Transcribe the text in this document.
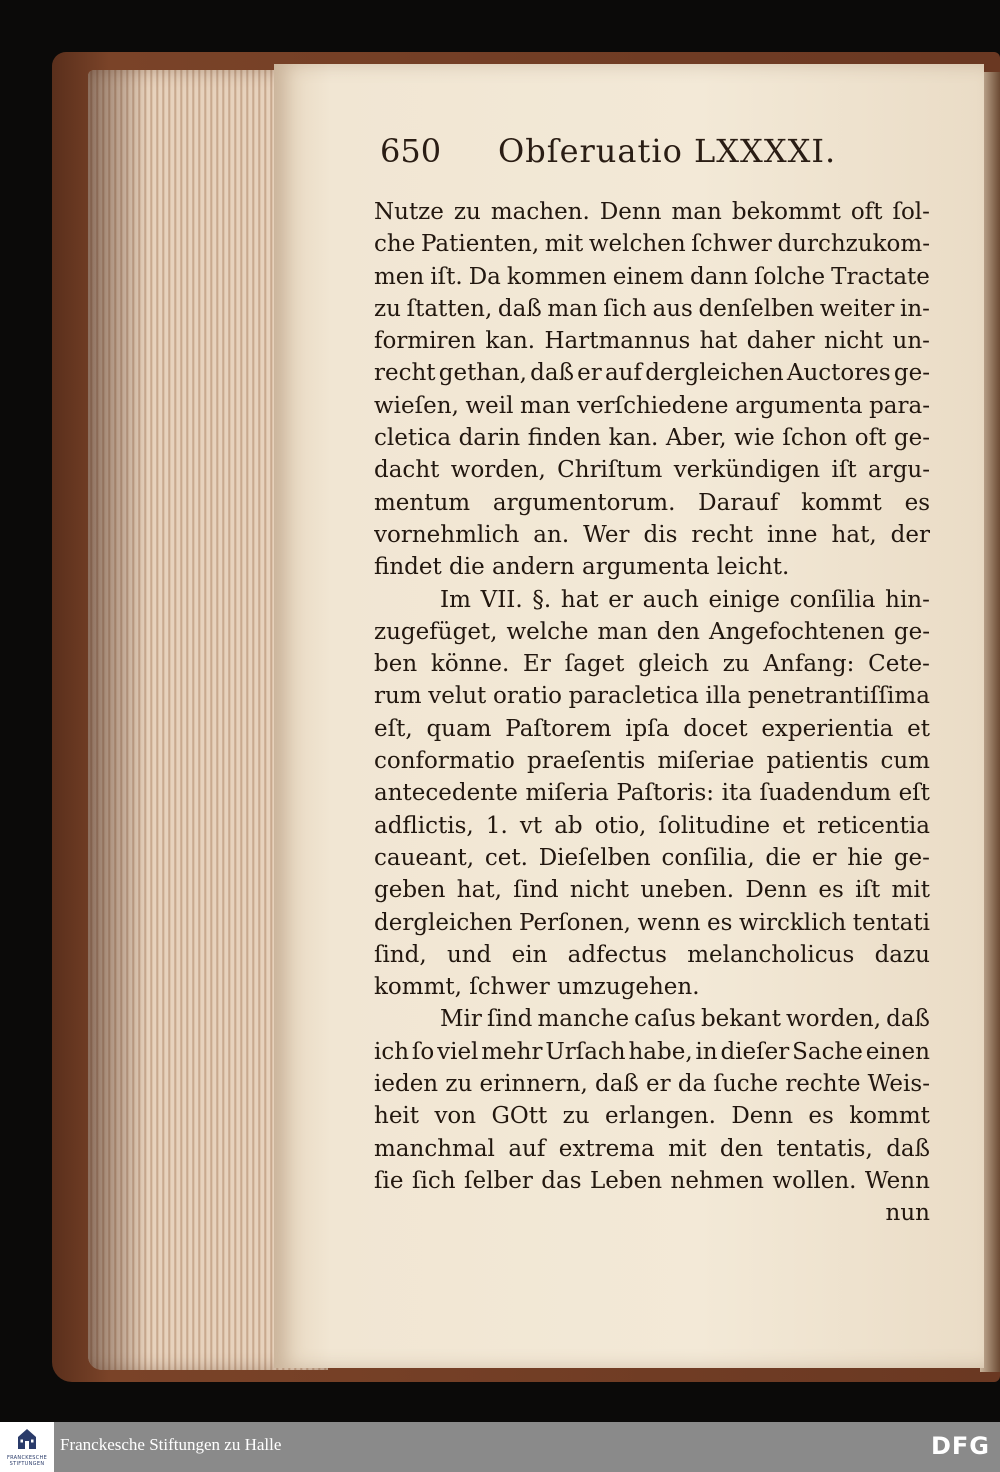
650 Obſeruatio LXXXXI.
Nutze zu machen. Denn man bekommt oft ſol-
che Patienten, mit welchen ſchwer durchzukom-
men iſt. Da kommen einem dann ſolche Tractate
zu ſtatten, daß man ſich aus denſelben weiter in-
formiren kan. Hartmannus hat daher nicht un-
recht gethan, daß er auf dergleichen Auctores ge-
wieſen, weil man verſchiedene argumenta para-
cletica darin finden kan. Aber, wie ſchon oft ge-
dacht worden, Chriſtum verkündigen iſt argu-
mentum argumentorum. Darauf kommt es
vornehmlich an. Wer dis recht inne hat, der
findet die andern argumenta leicht.
Im VII. §. hat er auch einige conſilia hin-
zugefüget, welche man den Angefochtenen ge-
ben könne. Er ſaget gleich zu Anfang: Cete-
rum velut oratio paracletica illa penetrantiſſima
eſt, quam Paſtorem ipſa docet experientia et
conformatio praeſentis miſeriae patientis cum
antecedente miſeria Paſtoris: ita ſuadendum eſt
adflictis, 1. vt ab otio, ſolitudine et reticentia
caueant, cet. Dieſelben conſilia, die er hie ge-
geben hat, ſind nicht uneben. Denn es iſt mit
dergleichen Perſonen, wenn es wircklich tentati
ſind, und ein adfectus melancholicus dazu
kommt, ſchwer umzugehen.
Mir ſind manche caſus bekant worden, daß
ich ſo viel mehr Urſach habe, in dieſer Sache einen
ieden zu erinnern, daß er da ſuche rechte Weis-
heit von GOtt zu erlangen. Denn es kommt
manchmal auf extrema mit den tentatis, daß
ſie ſich ſelber das Leben nehmen wollen. Wenn
nun
FRANCKESCHE STIFTUNGEN
Franckesche Stiftungen zu Halle	DFG
